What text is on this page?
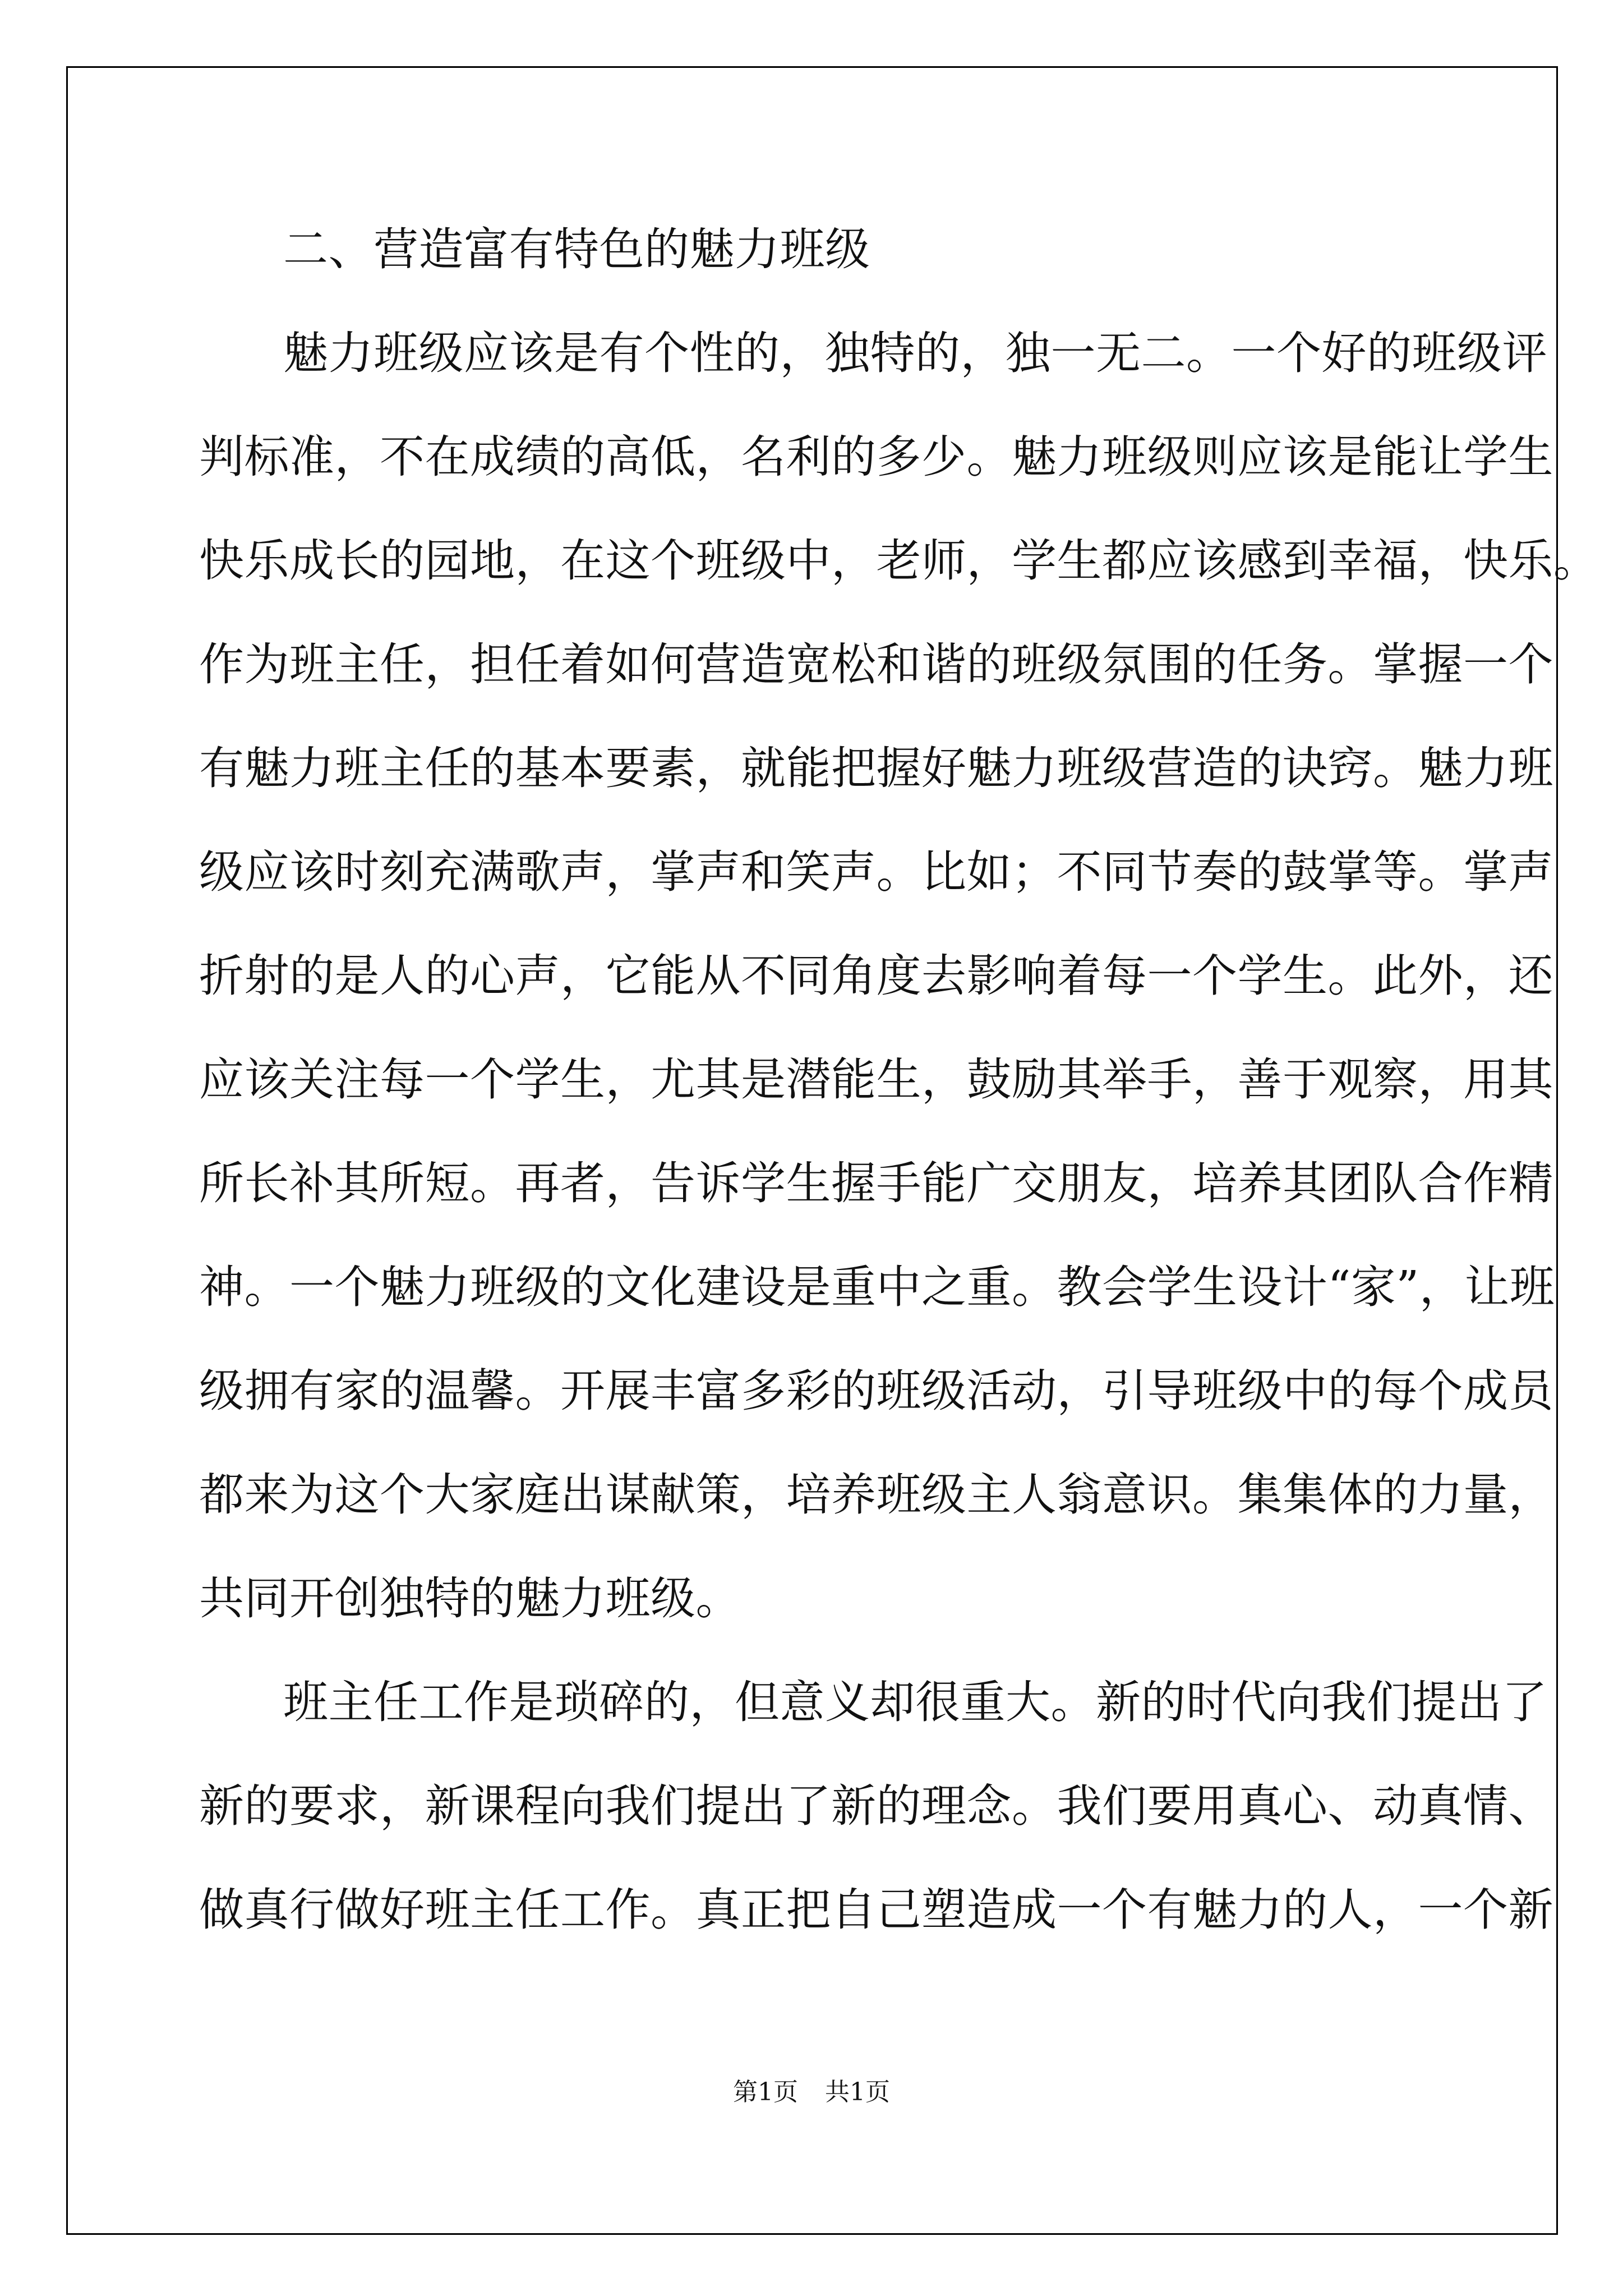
二、营造富有特色的魅力班级
魅力班级应该是有个性的，独特的，独一无二。一个好的班级评
判标准，不在成绩的高低，名利的多少。魅力班级则应该是能让学生
快乐成长的园地，在这个班级中，老师，学生都应该感到幸福，快乐。
作为班主任，担任着如何营造宽松和谐的班级氛围的任务。掌握一个
有魅力班主任的基本要素，就能把握好魅力班级营造的诀窍。魅力班
级应该时刻充满歌声，掌声和笑声。比如；不同节奏的鼓掌等。掌声
折射的是人的心声，它能从不同角度去影响着每一个学生。此外，还
应该关注每一个学生，尤其是潜能生，鼓励其举手，善于观察，用其
所长补其所短。再者，告诉学生握手能广交朋友，培养其团队合作精
神。一个魅力班级的文化建设是重中之重。教会学生设计“家”，让班
级拥有家的温馨。开展丰富多彩的班级活动，引导班级中的每个成员
都来为这个大家庭出谋献策，培养班级主人翁意识。集集体的力量，
共同开创独特的魅力班级。
班主任工作是琐碎的，但意义却很重大。新的时代向我们提出了
新的要求，新课程向我们提出了新的理念。我们要用真心、动真情、
做真行做好班主任工作。真正把自己塑造成一个有魅力的人，一个新
第1页 共1页
